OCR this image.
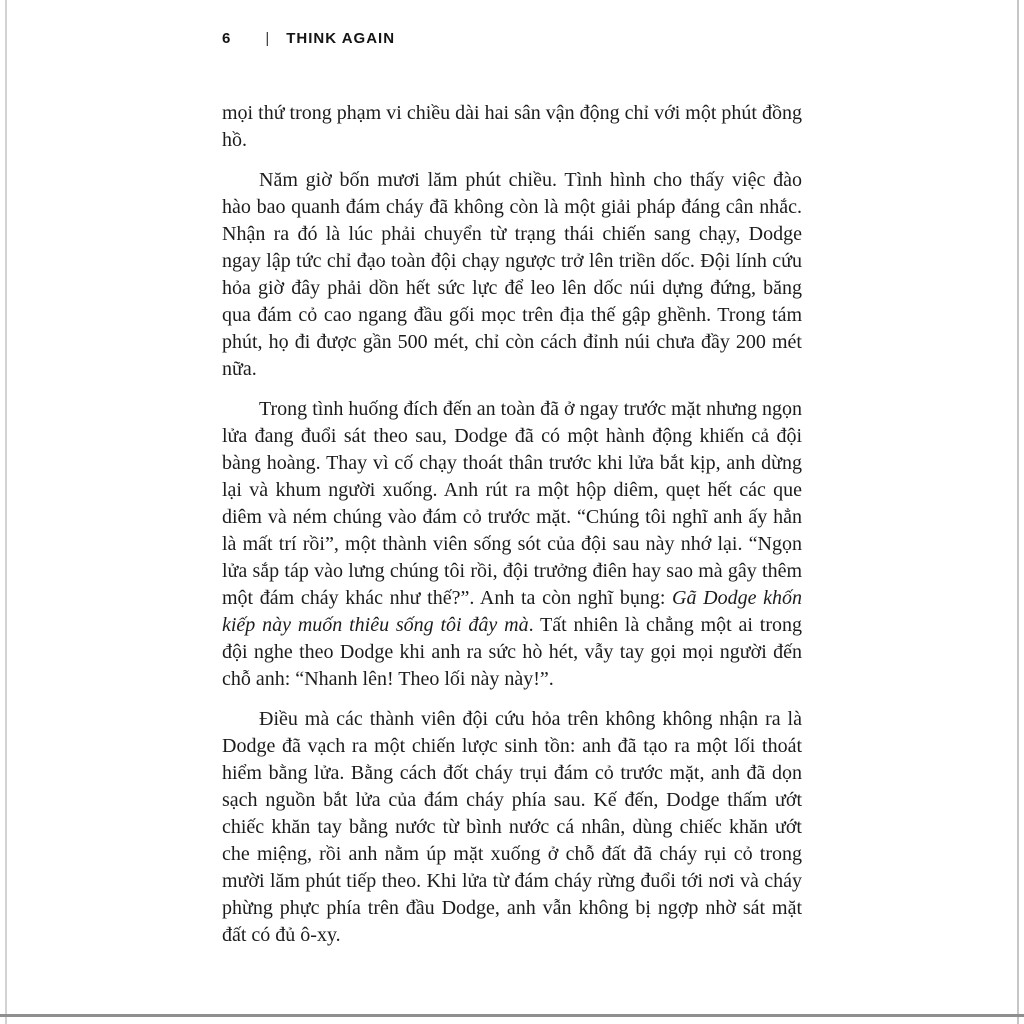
6 | THINK AGAIN

mọi thứ trong phạm vi chiều dài hai sân vận động chỉ với một phút đồng hồ.

Năm giờ bốn mươi lăm phút chiều. Tình hình cho thấy việc đào hào bao quanh đám cháy đã không còn là một giải pháp đáng cân nhắc. Nhận ra đó là lúc phải chuyển từ trạng thái chiến sang chạy, Dodge ngay lập tức chỉ đạo toàn đội chạy ngược trở lên triền dốc. Đội lính cứu hỏa giờ đây phải dồn hết sức lực để leo lên dốc núi dựng đứng, băng qua đám cỏ cao ngang đầu gối mọc trên địa thế gập ghềnh. Trong tám phút, họ đi được gần 500 mét, chỉ còn cách đỉnh núi chưa đầy 200 mét nữa.

Trong tình huống đích đến an toàn đã ở ngay trước mặt nhưng ngọn lửa đang đuổi sát theo sau, Dodge đã có một hành động khiến cả đội bàng hoàng. Thay vì cố chạy thoát thân trước khi lửa bắt kịp, anh dừng lại và khum người xuống. Anh rút ra một hộp diêm, quẹt hết các que diêm và ném chúng vào đám cỏ trước mặt. “Chúng tôi nghĩ anh ấy hẳn là mất trí rồi”, một thành viên sống sót của đội sau này nhớ lại. “Ngọn lửa sắp táp vào lưng chúng tôi rồi, đội trưởng điên hay sao mà gây thêm một đám cháy khác như thế?”. Anh ta còn nghĩ bụng: Gã Dodge khốn kiếp này muốn thiêu sống tôi đây mà. Tất nhiên là chẳng một ai trong đội nghe theo Dodge khi anh ra sức hò hét, vẫy tay gọi mọi người đến chỗ anh: “Nhanh lên! Theo lối này này!”.

Điều mà các thành viên đội cứu hỏa trên không không nhận ra là Dodge đã vạch ra một chiến lược sinh tồn: anh đã tạo ra một lối thoát hiểm bằng lửa. Bằng cách đốt cháy trụi đám cỏ trước mặt, anh đã dọn sạch nguồn bắt lửa của đám cháy phía sau. Kế đến, Dodge thấm ướt chiếc khăn tay bằng nước từ bình nước cá nhân, dùng chiếc khăn ướt che miệng, rồi anh nằm úp mặt xuống ở chỗ đất đã cháy rụi cỏ trong mười lăm phút tiếp theo. Khi lửa từ đám cháy rừng đuổi tới nơi và cháy phừng phực phía trên đầu Dodge, anh vẫn không bị ngợp nhờ sát mặt đất có đủ ô-xy.
